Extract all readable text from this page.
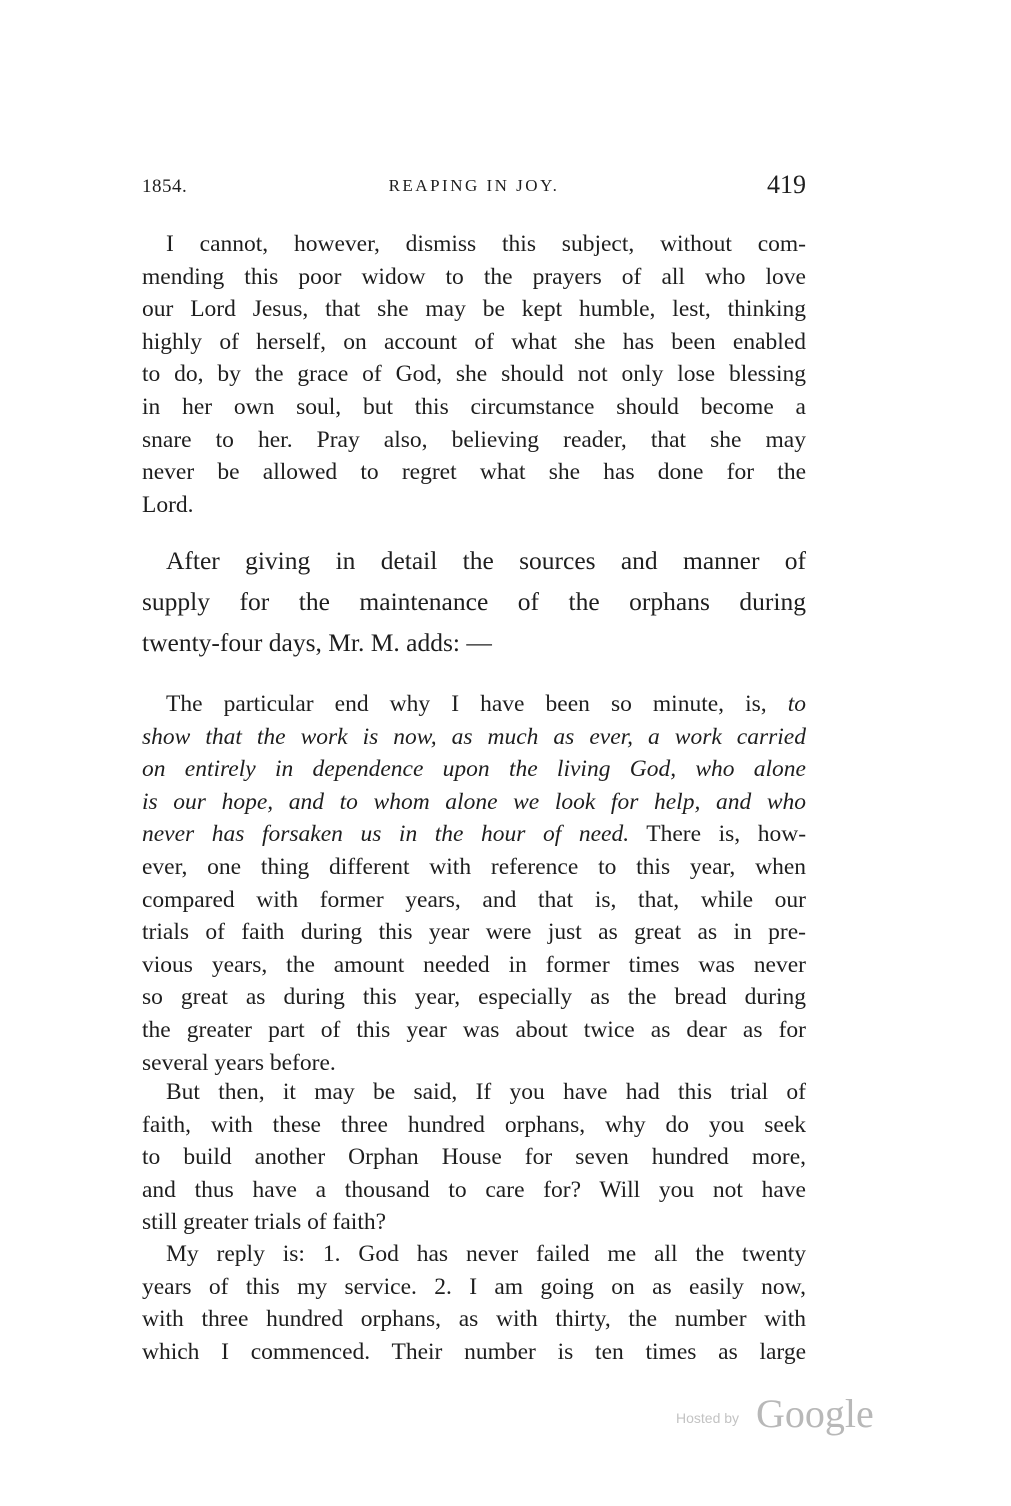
1854.	REAPING IN JOY.	419
I cannot, however, dismiss this subject, without com-
mending this poor widow to the prayers of all who love
our Lord Jesus, that she may be kept humble, lest, thinking
highly of herself, on account of what she has been enabled
to do, by the grace of God, she should not only lose blessing
in her own soul, but this circumstance should become a
snare to her. Pray also, believing reader, that she may
never be allowed to regret what she has done for the
Lord.
After giving in detail the sources and manner of
supply for the maintenance of the orphans during
twenty-four days, Mr. M. adds: —
The particular end why I have been so minute, is, to
show that the work is now, as much as ever, a work carried
on entirely in dependence upon the living God, who alone
is our hope, and to whom alone we look for help, and who
never has forsaken us in the hour of need. There is, how-
ever, one thing different with reference to this year, when
compared with former years, and that is, that, while our
trials of faith during this year were just as great as in pre-
vious years, the amount needed in former times was never
so great as during this year, especially as the bread during
the greater part of this year was about twice as dear as for
several years before.
But then, it may be said, If you have had this trial of
faith, with these three hundred orphans, why do you seek
to build another Orphan House for seven hundred more,
and thus have a thousand to care for? Will you not have
still greater trials of faith?
My reply is: 1. God has never failed me all the twenty
years of this my service. 2. I am going on as easily now,
with three hundred orphans, as with thirty, the number with
which I commenced. Their number is ten times as large
Hosted by Google
